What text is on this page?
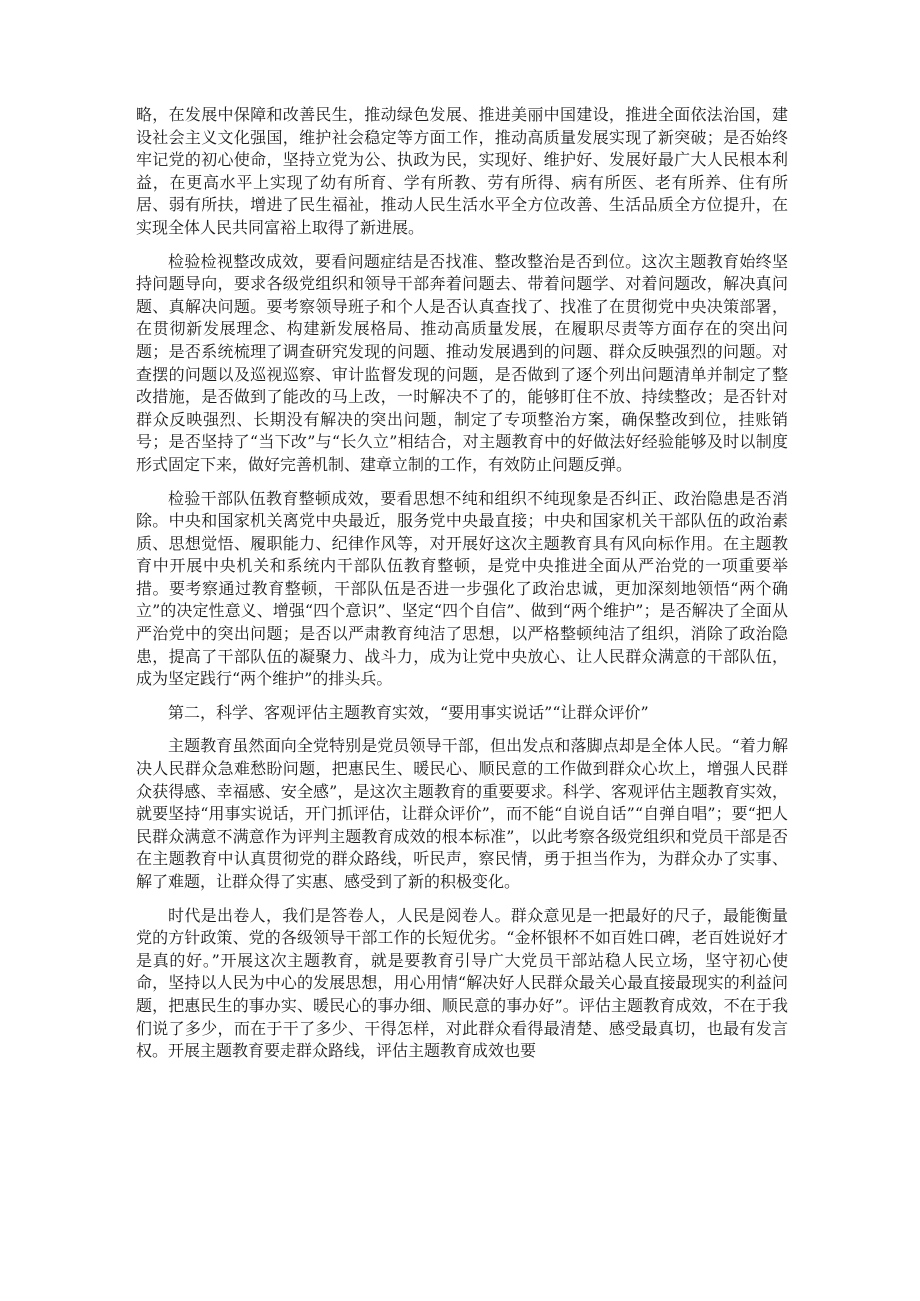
略，在发展中保障和改善民生，推动绿色发展、推进美丽中国建设，推进全面依法治国，建设社会主义文化强国，维护社会稳定等方面工作，推动高质量发展实现了新突破；是否始终牢记党的初心使命，坚持立党为公、执政为民，实现好、维护好、发展好最广大人民根本利益，在更高水平上实现了幼有所育、学有所教、劳有所得、病有所医、老有所养、住有所居、弱有所扶，增进了民生福祉，推动人民生活水平全方位改善、生活品质全方位提升，在实现全体人民共同富裕上取得了新进展。

检验检视整改成效，要看问题症结是否找准、整改整治是否到位。这次主题教育始终坚持问题导向，要求各级党组织和领导干部奔着问题去、带着问题学、对着问题改，解决真问题、真解决问题。要考察领导班子和个人是否认真查找了、找准了在贯彻党中央决策部署，在贯彻新发展理念、构建新发展格局、推动高质量发展，在履职尽责等方面存在的突出问题；是否系统梳理了调查研究发现的问题、推动发展遇到的问题、群众反映强烈的问题。对查摆的问题以及巡视巡察、审计监督发现的问题，是否做到了逐个列出问题清单并制定了整改措施，是否做到了能改的马上改，一时解决不了的，能够盯住不放、持续整改；是否针对群众反映强烈、长期没有解决的突出问题，制定了专项整治方案，确保整改到位，挂账销号；是否坚持了“当下改”与“长久立”相结合，对主题教育中的好做法好经验能够及时以制度形式固定下来，做好完善机制、建章立制的工作，有效防止问题反弹。

检验干部队伍教育整顿成效，要看思想不纯和组织不纯现象是否纠正、政治隐患是否消除。中央和国家机关离党中央最近，服务党中央最直接；中央和国家机关干部队伍的政治素质、思想觉悟、履职能力、纪律作风等，对开展好这次主题教育具有风向标作用。在主题教育中开展中央机关和系统内干部队伍教育整顿，是党中央推进全面从严治党的一项重要举措。要考察通过教育整顿，干部队伍是否进一步强化了政治忠诚，更加深刻地领悟“两个确立”的决定性意义、增强“四个意识”、坚定“四个自信”、做到“两个维护”；是否解决了全面从严治党中的突出问题；是否以严肃教育纯洁了思想，以严格整顿纯洁了组织，消除了政治隐患，提高了干部队伍的凝聚力、战斗力，成为让党中央放心、让人民群众满意的干部队伍，成为坚定践行“两个维护”的排头兵。

第二，科学、客观评估主题教育实效，“要用事实说话”“让群众评价”

主题教育虽然面向全党特别是党员领导干部，但出发点和落脚点却是全体人民。“着力解决人民群众急难愁盼问题，把惠民生、暖民心、顺民意的工作做到群众心坎上，增强人民群众获得感、幸福感、安全感”，是这次主题教育的重要要求。科学、客观评估主题教育实效，就要坚持“用事实说话，开门抓评估，让群众评价”，而不能“自说自话”“自弹自唱”；要“把人民群众满意不满意作为评判主题教育成效的根本标准”，以此考察各级党组织和党员干部是否在主题教育中认真贯彻党的群众路线，听民声，察民情，勇于担当作为，为群众办了实事、解了难题，让群众得了实惠、感受到了新的积极变化。

时代是出卷人，我们是答卷人，人民是阅卷人。群众意见是一把最好的尺子，最能衡量党的方针政策、党的各级领导干部工作的长短优劣。“金杯银杯不如百姓口碑，老百姓说好才是真的好。”开展这次主题教育，就是要教育引导广大党员干部站稳人民立场，坚守初心使命，坚持以人民为中心的发展思想，用心用情“解决好人民群众最关心最直接最现实的利益问题，把惠民生的事办实、暖民心的事办细、顺民意的事办好”。评估主题教育成效，不在于我们说了多少，而在于干了多少、干得怎样，对此群众看得最清楚、感受最真切，也最有发言权。开展主题教育要走群众路线，评估主题教育成效也要
